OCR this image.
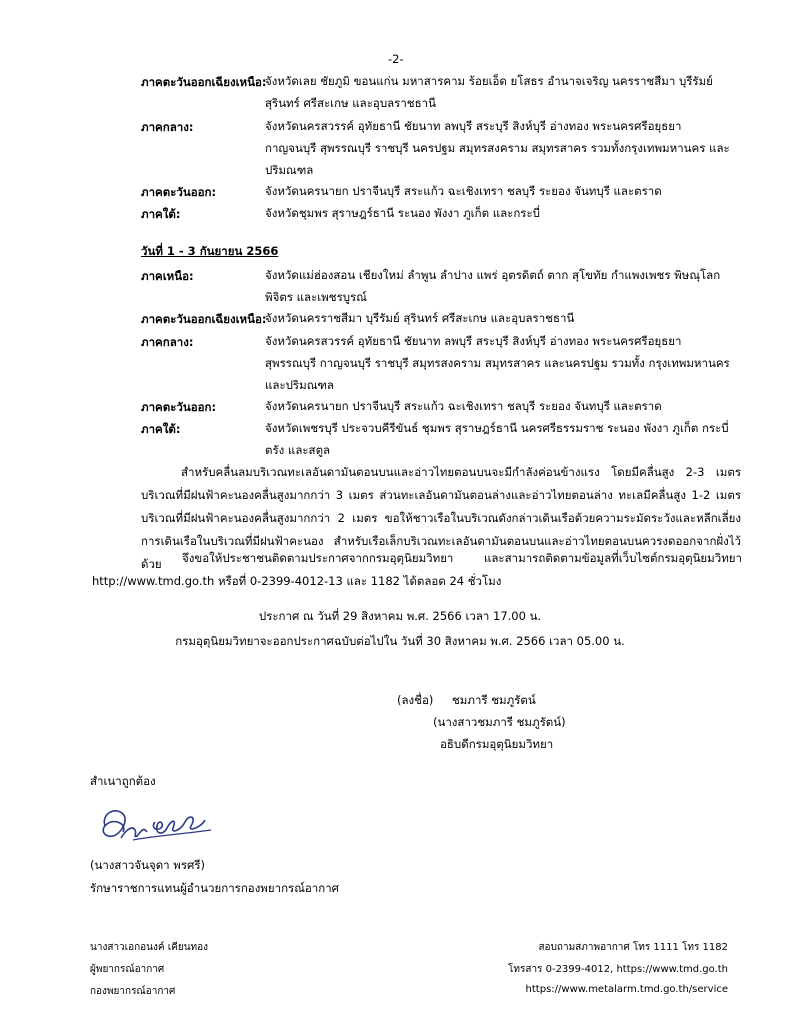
-2-
ภาคตะวันออกเฉียงเหนือ:
จังหวัดเลย ชัยภูมิ ขอนแก่น มหาสารคาม ร้อยเอ็ด ยโสธร อำนาจเจริญ นครราชสีมา บุรีรัมย์ สุรินทร์ ศรีสะเกษ และอุบลราชธานี
ภาคกลาง:	จังหวัดนครสวรรค์ อุทัยธานี ชัยนาท ลพบุรี สระบุรี สิงห์บุรี อ่างทอง พระนครศรีอยุธยา กาญจนบุรี สุพรรณบุรี ราชบุรี นครปฐม สมุทรสงคราม สมุทรสาคร รวมทั้งกรุงเทพมหานคร และปริมณฑล
ภาคตะวันออก:	จังหวัดนครนายก ปราจีนบุรี สระแก้ว ฉะเชิงเทรา ชลบุรี ระยอง จันทบุรี และตราด
ภาคใต้:	จังหวัดชุมพร สุราษฎร์ธานี ระนอง พังงา ภูเก็ต และกระบี่
วันที่ 1 - 3 กันยายน 2566
ภาคเหนือ:	จังหวัดแม่ฮ่องสอน เชียงใหม่ ลำพูน ลำปาง แพร่ อุตรดิตถ์ ตาก สุโขทัย กำแพงเพชร พิษณุโลก พิจิตร และเพชรบูรณ์
ภาคตะวันออกเฉียงเหนือ:
จังหวัดนครราชสีมา บุรีรัมย์ สุรินทร์ ศรีสะเกษ และอุบลราชธานี
ภาคกลาง:	จังหวัดนครสวรรค์ อุทัยธานี ชัยนาท ลพบุรี สระบุรี สิงห์บุรี อ่างทอง พระนครศรีอยุธยา สุพรรณบุรี กาญจนบุรี ราชบุรี สมุทรสงคราม สมุทรสาคร และนครปฐม รวมทั้ง กรุงเทพมหานครและปริมณฑล
ภาคตะวันออก:	จังหวัดนครนายก ปราจีนบุรี สระแก้ว ฉะเชิงเทรา ชลบุรี ระยอง จันทบุรี และตราด
ภาคใต้:	จังหวัดเพชรบุรี ประจวบคีรีขันธ์ ชุมพร สุราษฎร์ธานี นครศรีธรรมราช ระนอง พังงา ภูเก็ต กระบี่ ตรัง และสตูล
สำหรับคลื่นลมบริเวณทะเลอันดามันตอนบนและอ่าวไทยตอนบนจะมีกำลังค่อนข้างแรง โดยมีคลื่นสูง 2-3 เมตร บริเวณที่มีฝนฟ้าคะนองคลื่นสูงมากกว่า 3 เมตร ส่วนทะเลอันดามันตอนล่างและอ่าวไทยตอนล่าง ทะเลมีคลื่นสูง 1-2 เมตร บริเวณที่มีฝนฟ้าคะนองคลื่นสูงมากกว่า 2 เมตร ขอให้ชาวเรือในบริเวณดังกล่าวเดินเรือด้วยความระมัดระวังและหลีกเลี่ยงการเดินเรือในบริเวณที่มีฝนฟ้าคะนอง สำหรับเรือเล็กบริเวณทะเลอันดามันตอนบนและอ่าวไทยตอนบนควรงดออกจากฝั่งไว้ด้วย	จึงขอให้ประชาชนติดตามประกาศจากกรมอุตุนิยมวิทยา และสามารถติดตามข้อมูลที่เว็บไซต์กรมอุตุนิยมวิทยา http://www.tmd.go.th หรือที่ 0-2399-4012-13 และ 1182 ได้ตลอด 24 ชั่วโมง
ประกาศ ณ วันที่ 29 สิงหาคม พ.ศ. 2566 เวลา 17.00 น.
กรมอุตุนิยมวิทยาจะออกประกาศฉบับต่อไปใน วันที่ 30 สิงหาคม พ.ศ. 2566 เวลา 05.00 น.
(ลงชื่อ) ชมภารี ชมภูรัตน์
(นางสาวชมภารี ชมภูรัตน์)
อธิบดีกรมอุตุนิยมวิทยา
สำเนาถูกต้อง
(นางสาวจันจุดา พรศรี)
รักษาราชการแทนผู้อำนวยการกองพยากรณ์อากาศ
นางสาวเอกอนงค์ เคียนทอง
ผู้พยากรณ์อากาศ
กองพยากรณ์อากาศ
สอบถามสภาพอากาศ โทร 1111 โทร 1182
โทรสาร 0-2399-4012, https://www.tmd.go.th
https://www.metalarm.tmd.go.th/service
